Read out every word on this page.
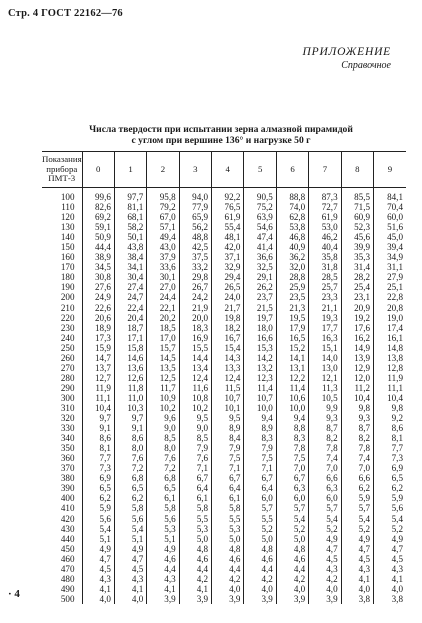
Стр. 4 ГОСТ 22162—76
ПРИЛОЖЕНИЕ
Справочное
Числа твердости при испытании зерна алмазной пирамидой
с углом при вершине 136° и нагрузке 50 г
Показания
прибора
ПМТ-3	0	1	2	3	4	5	6	7	8	9
100	99,6	97,7	95,8	94,0	92,2	90,5	88,8	87,3	85,5	84,1
110	82,6	81,1	79,2	77,9	76,5	75,2	74,0	72,7	71,5	70,4
120	69,2	68,1	67,0	65,9	61,9	63,9	62,8	61,9	60,9	60,0
130	59,1	58,2	57,1	56,2	55,4	54,6	53,8	53,0	52,3	51,6
140	50,9	50,1	49,4	48,8	48,1	47,4	46,8	46,2	45,6	45,0
150	44,4	43,8	43,0	42,5	42,0	41,4	40,9	40,4	39,9	39,4
160	38,9	38,4	37,9	37,5	37,1	36,6	36,2	35,8	35,3	34,9
170	34,5	34,1	33,6	33,2	32,9	32,5	32,0	31,8	31,4	31,1
180	30,8	30,4	30,1	29,8	29,4	29,1	28,8	28,5	28,2	27,9
190	27,6	27,4	27,0	26,7	26,5	26,2	25,9	25,7	25,4	25,1
200	24,9	24,7	24,4	24,2	24,0	23,7	23,5	23,3	23,1	22,8
210	22,6	22,4	22,1	21,9	21,7	21,5	21,3	21,1	20,9	20,8
220	20,6	20,4	20,2	20,0	19,8	19,7	19,5	19,3	19,2	19,0
230	18,9	18,7	18,5	18,3	18,2	18,0	17,9	17,7	17,6	17,4
240	17,3	17,1	17,0	16,9	16,7	16,6	16,5	16,3	16,2	16,1
250	15,9	15,8	15,7	15,5	15,4	15,3	15,2	15,1	14,9	14,8
260	14,7	14,6	14,5	14,4	14,3	14,2	14,1	14,0	13,9	13,8
270	13,7	13,6	13,5	13,4	13,3	13,2	13,1	13,0	12,9	12,8
280	12,7	12,6	12,5	12,4	12,4	12,3	12,2	12,1	12,0	11,9
290	11,9	11,8	11,7	11,6	11,5	11,4	11,4	11,3	11,2	11,1
300	11,1	11,0	10,9	10,8	10,7	10,7	10,6	10,5	10,4	10,4
310	10,4	10,3	10,2	10,2	10,1	10,0	10,0	9,9	9,8	9,8
320	9,7	9,7	9,6	9,5	9,5	9,4	9,4	9,3	9,3	9,2
330	9,1	9,1	9,0	9,0	8,9	8,9	8,8	8,7	8,7	8,6
340	8,6	8,6	8,5	8,5	8,4	8,3	8,3	8,2	8,2	8,1
350	8,1	8,0	8,0	7,9	7,9	7,9	7,8	7,8	7,8	7,7
360	7,7	7,6	7,6	7,6	7,5	7,5	7,5	7,4	7,4	7,3
370	7,3	7,2	7,2	7,1	7,1	7,1	7,0	7,0	7,0	6,9
380	6,9	6,8	6,8	6,7	6,7	6,7	6,7	6,6	6,6	6,5
390	6,5	6,5	6,5	6,4	6,4	6,4	6,3	6,3	6,2	6,2
400	6,2	6,2	6,1	6,1	6,1	6,0	6,0	6,0	5,9	5,9
410	5,9	5,8	5,8	5,8	5,8	5,7	5,7	5,7	5,7	5,6
420	5,6	5,6	5,6	5,5	5,5	5,5	5,4	5,4	5,4	5,4
430	5,4	5,4	5,3	5,3	5,3	5,2	5,2	5,2	5,2	5,2
440	5,1	5,1	5,1	5,0	5,0	5,0	5,0	4,9	4,9	4,9
450	4,9	4,9	4,9	4,8	4,8	4,8	4,8	4,7	4,7	4,7
460	4,7	4,7	4,6	4,6	4,6	4,6	4,6	4,5	4,5	4,5
470	4,5	4,5	4,4	4,4	4,4	4,4	4,4	4,3	4,3	4,3
480	4,3	4,3	4,3	4,2	4,2	4,2	4,2	4,2	4,1	4,1
490	4,1	4,1	4,1	4,1	4,0	4,0	4,0	4,0	4,0	4,0
500	4,0	4,0	3,9	3,9	3,9	3,9	3,9	3,9	3,8	3,8
· 4
